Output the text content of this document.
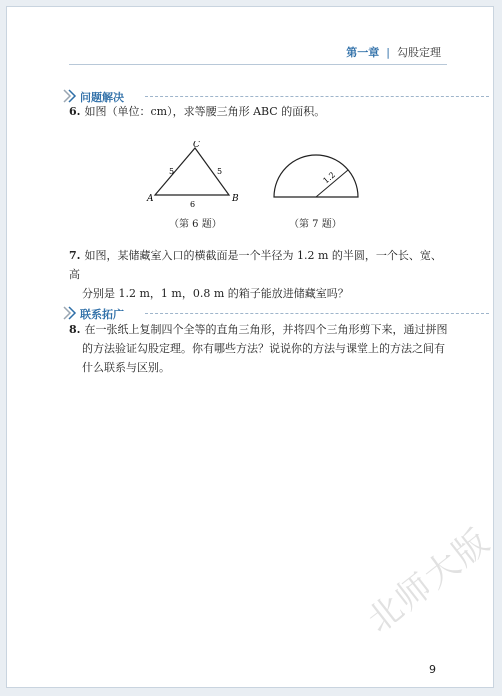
第一章 | 勾股定理
问题解决

6. 如图（单位：cm），求等腰三角形 ABC 的面积。

C
A	B
5	5
6
（第 6 题）
1.2
（第 7 题）

7. 如图，某储藏室入口的横截面是一个半径为 1.2 m 的半圆，一个长、宽、高

分别是 1.2 m，1 m，0.8 m 的箱子能放进储藏室吗？

联系拓广

8. 在一张纸上复制四个全等的直角三角形，并将四个三角形剪下来，通过拼图

的方法验证勾股定理。你有哪些方法？说说你的方法与课堂上的方法之间有

什么联系与区别。

北师大版
9
